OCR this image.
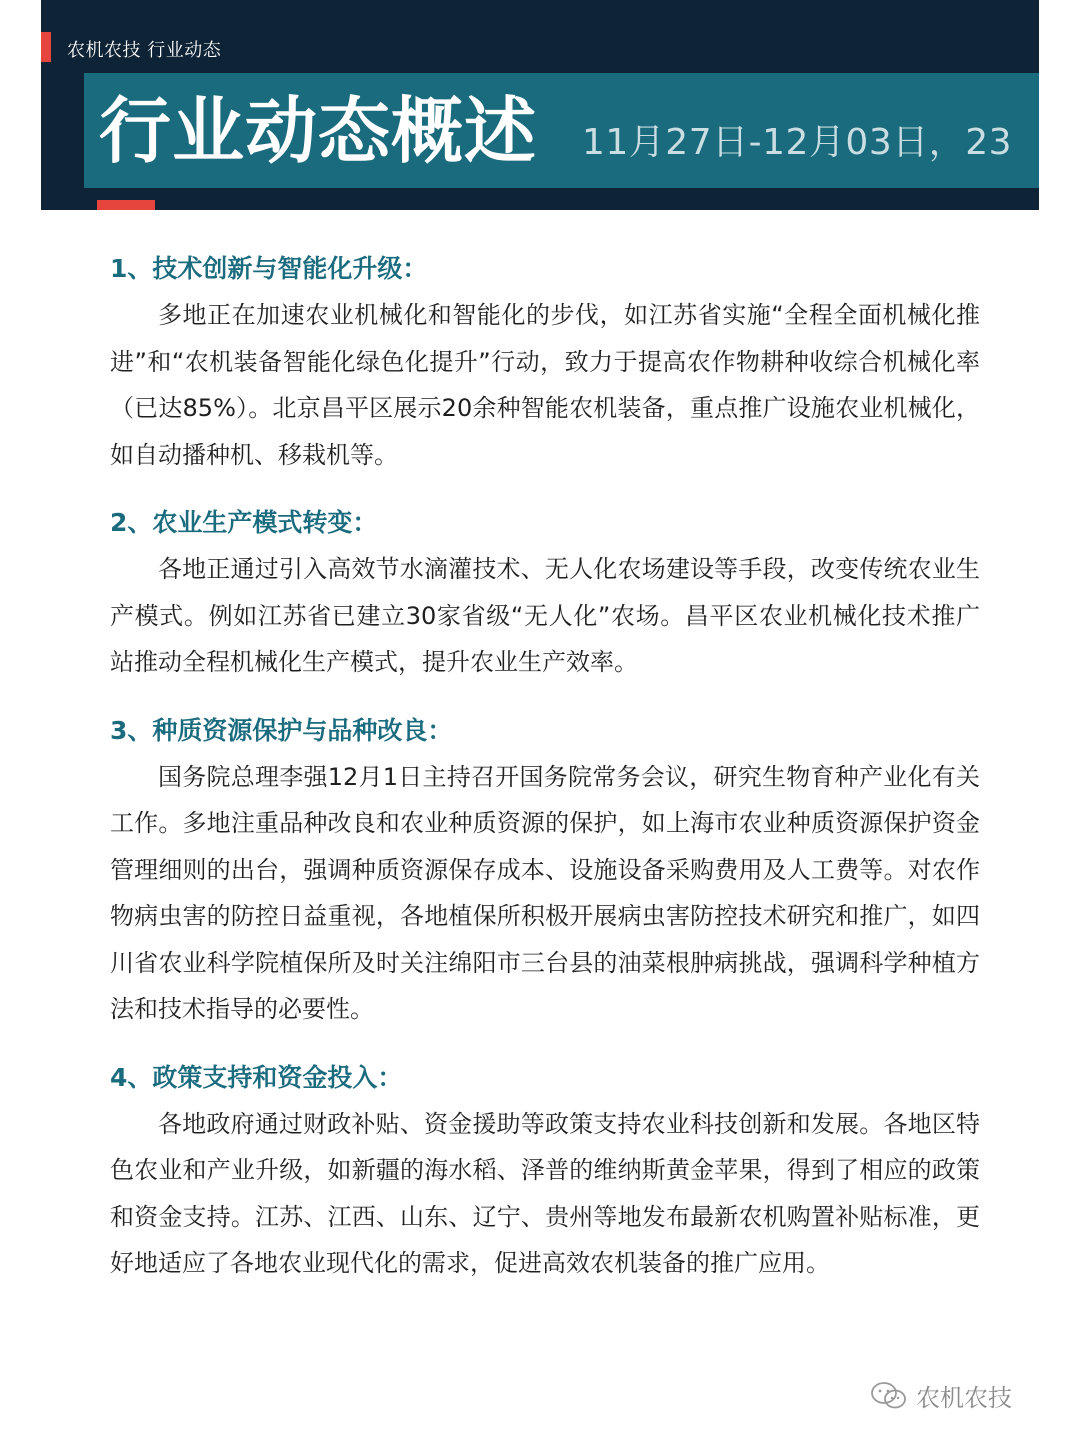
农机农技 行业动态
行业动态概述 11月27日-12月03日，23

1、技术创新与智能化升级：

多地正在加速农业机械化和智能化的步伐，如江苏省实施“全程全面机械化推进”和“农机装备智能化绿色化提升”行动，致力于提高农作物耕种收综合机械化率（已达85%）。北京昌平区展示20余种智能农机装备，重点推广设施农业机械化，如自动播种机、移栽机等。

2、农业生产模式转变：

各地正通过引入高效节水滴灌技术、无人化农场建设等手段，改变传统农业生产模式。例如江苏省已建立30家省级“无人化”农场。昌平区农业机械化技术推广站推动全程机械化生产模式，提升农业生产效率。

3、种质资源保护与品种改良：

国务院总理李强12月1日主持召开国务院常务会议，研究生物育种产业化有关工作。多地注重品种改良和农业种质资源的保护，如上海市农业种质资源保护资金管理细则的出台，强调种质资源保存成本、设施设备采购费用及人工费等。对农作物病虫害的防控日益重视，各地植保所积极开展病虫害防控技术研究和推广，如四川省农业科学院植保所及时关注绵阳市三台县的油菜根肿病挑战，强调科学种植方法和技术指导的必要性。

4、政策支持和资金投入：

各地政府通过财政补贴、资金援助等政策支持农业科技创新和发展。各地区特色农业和产业升级，如新疆的海水稻、泽普的维纳斯黄金苹果，得到了相应的政策和资金支持。江苏、江西、山东、辽宁、贵州等地发布最新农机购置补贴标准，更好地适应了各地农业现代化的需求，促进高效农机装备的推广应用。

农机农技
